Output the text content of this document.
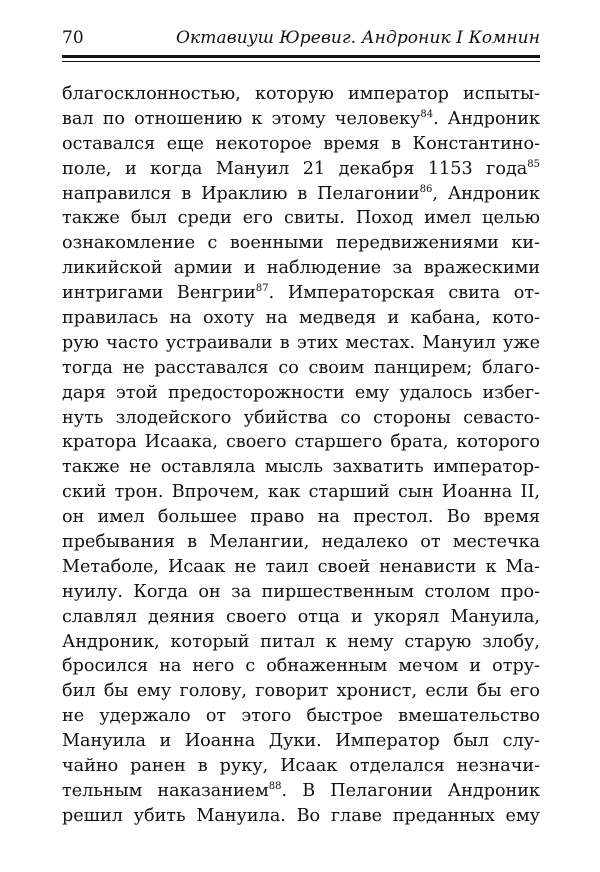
70	Октавиуш Юревиг. Андроник I Комнин
благосклонностью, которую император испыты-
вал по отношению к этому человеку$^{84}$. Андроник
оставался еще некоторое время в Константино-
поле, и когда Мануил 21 декабря 1153 года$^{85}$
направился в Ираклию в Пелагонии$^{86}$, Андроник
также был среди его свиты. Поход имел целью
ознакомление с военными передвижениями ки-
ликийской армии и наблюдение за вражескими
интригами Венгрии$^{87}$. Императорская свита от-
правилась на охоту на медведя и кабана, кото-
рую часто устраивали в этих местах. Мануил уже
тогда не расставался со своим панцирем; благо-
даря этой предосторожности ему удалось избег-
нуть злодейского убийства со стороны севасто-
кратора Исаака, своего старшего брата, которого
также не оставляла мысль захватить император-
ский трон. Впрочем, как старший сын Иоанна II,
он имел большее право на престол. Во время
пребывания в Мелангии, недалеко от местечка
Метаболе, Исаак не таил своей ненависти к Ма-
нуилу. Когда он за пиршественным столом про-
славлял деяния своего отца и укорял Мануила,
Андроник, который питал к нему старую злобу,
бросился на него с обнаженным мечом и отру-
бил бы ему голову, говорит хронист, если бы его
не удержало от этого быстрое вмешательство
Мануила и Иоанна Дуки. Император был слу-
чайно ранен в руку, Исаак отделался незначи-
тельным наказанием$^{88}$. В Пелагонии Андроник
решил убить Мануила. Во главе преданных ему
